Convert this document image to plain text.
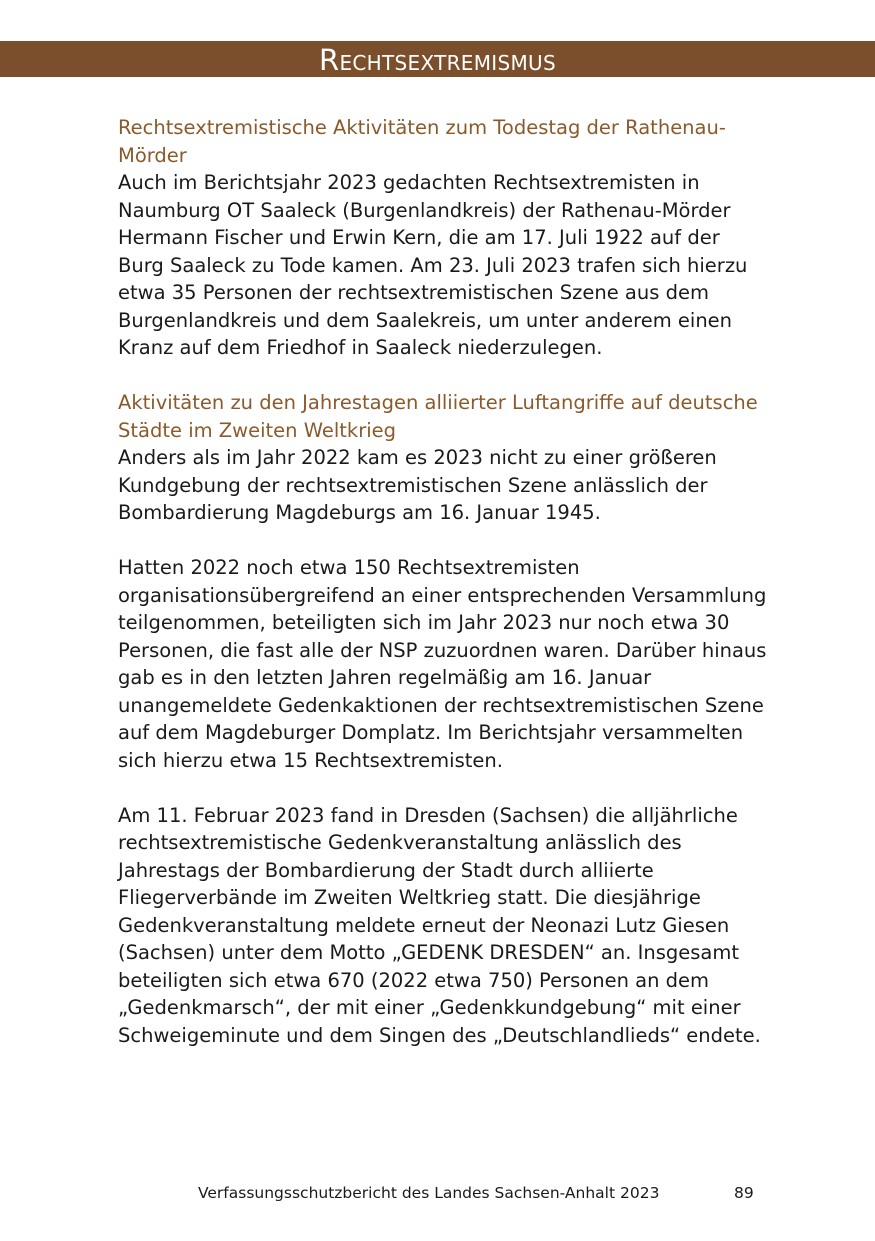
Rechtsextremismus
Rechtsextremistische Aktivitäten zum Todestag der Rathenau-Mörder

Auch im Berichtsjahr 2023 gedachten Rechtsextremisten in Naumburg OT Saaleck (Burgenlandkreis) der Rathenau-Mörder Hermann Fischer und Erwin Kern, die am 17. Juli 1922 auf der Burg Saaleck zu Tode kamen. Am 23. Juli 2023 trafen sich hierzu etwa 35 Personen der rechtsextremistischen Szene aus dem Burgenlandkreis und dem Saalekreis, um unter anderem einen Kranz auf dem Friedhof in Saaleck niederzulegen.

Aktivitäten zu den Jahrestagen alliierter Luftangriffe auf deutsche Städte im Zweiten Weltkrieg

Anders als im Jahr 2022 kam es 2023 nicht zu einer größeren Kundgebung der rechtsextremistischen Szene anlässlich der Bombardierung Magdeburgs am 16. Januar 1945.

Hatten 2022 noch etwa 150 Rechtsextremisten organisationsübergreifend an einer entsprechenden Versammlung teilgenommen, beteiligten sich im Jahr 2023 nur noch etwa 30 Personen, die fast alle der NSP zuzuordnen waren. Darüber hinaus gab es in den letzten Jahren regelmäßig am 16. Januar unangemeldete Gedenkaktionen der rechtsextremistischen Szene auf dem Magdeburger Domplatz. Im Berichtsjahr versammelten sich hierzu etwa 15 Rechtsextremisten.

Am 11. Februar 2023 fand in Dresden (Sachsen) die alljährliche rechtsextremistische Gedenkveranstaltung anlässlich des Jahrestags der Bombardierung der Stadt durch alliierte Fliegerverbände im Zweiten Weltkrieg statt. Die diesjährige Gedenkveranstaltung meldete erneut der Neonazi Lutz Giesen (Sachsen) unter dem Motto „GEDENK DRESDEN“ an. Insgesamt beteiligten sich etwa 670 (2022 etwa 750) Personen an dem „Gedenkmarsch“, der mit einer „Gedenkkundgebung“ mit einer Schweigeminute und dem Singen des „Deutschlandlieds“ endete.

Verfassungsschutzbericht des Landes Sachsen-Anhalt 2023	89
